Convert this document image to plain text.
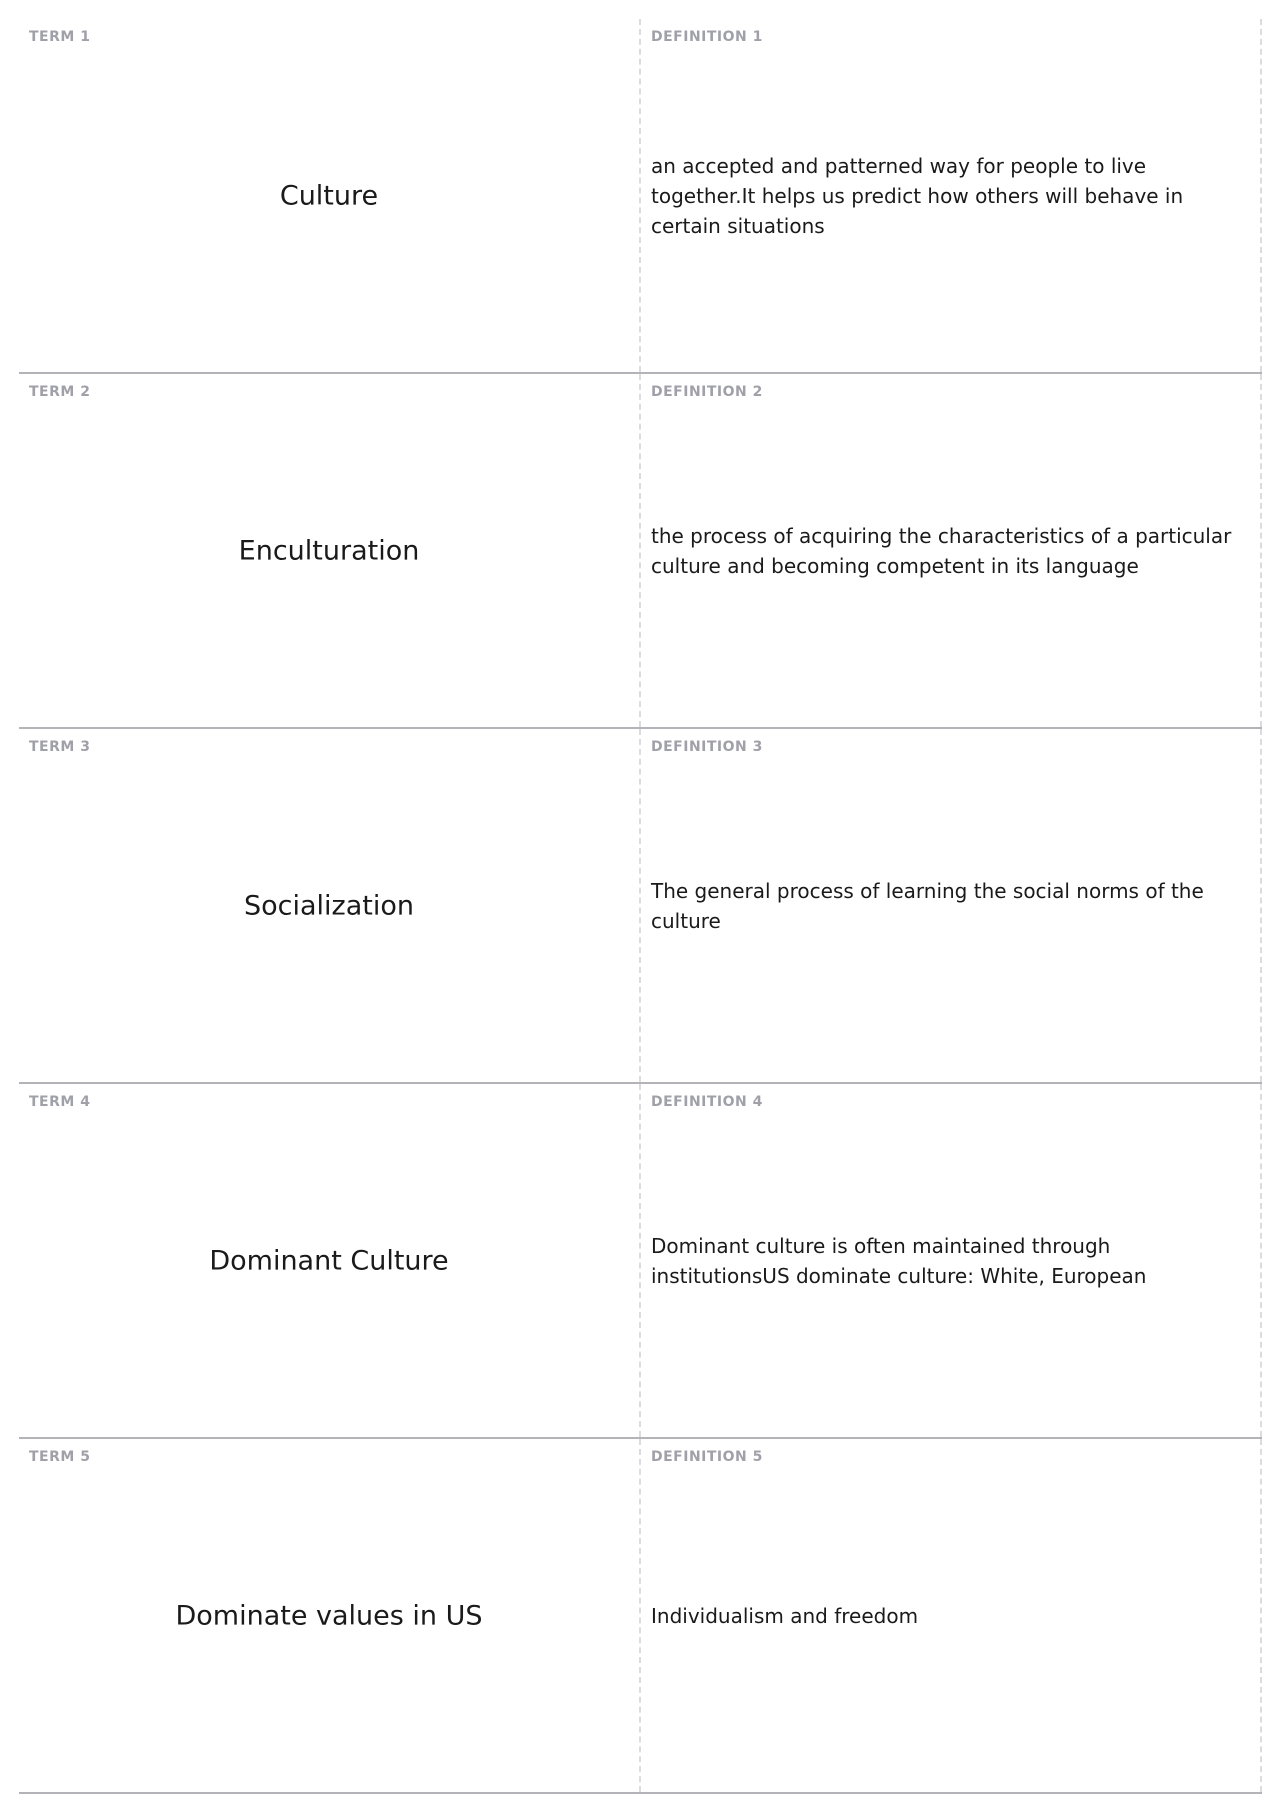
TERM 1
Culture
DEFINITION 1
an accepted and patterned way for people to live together.It helps us predict how others will behave in certain situations
TERM 2
Enculturation
DEFINITION 2
the process of acquiring the characteristics of a particular culture and becoming competent in its language
TERM 3
Socialization
DEFINITION 3
The general process of learning the social norms of the culture
TERM 4
Dominant Culture
DEFINITION 4
Dominant culture is often maintained through institutionsUS dominate culture: White, European
TERM 5
Dominate values in US
DEFINITION 5
Individualism and freedom
